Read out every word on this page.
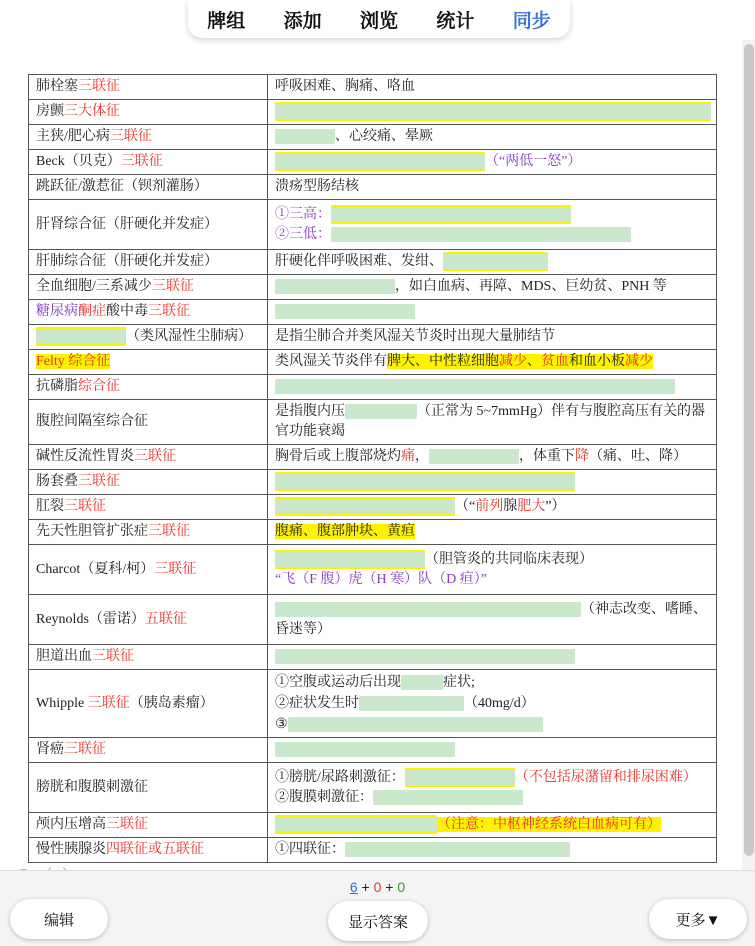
牌组	添加	浏览	统计	同步
肺栓塞三联征	呼吸困难、胸痛、咯血
房颤三大体征	
主狭/肥心病三联征	、心绞痛、晕厥
Beck（贝克）三联征	（“两低一怒”）
跳跃征/激惹征（钡剂灌肠）	溃疡型肠结核
肝肾综合征（肝硬化并发症）	①三高：
②三低：

肝肺综合征（肝硬化并发症）	肝硬化伴呼吸困难、发绀、
全血细胞/三系减少三联征	，如白血病、再障、MDS、巨幼贫、PNH 等
糖尿病酮症酸中毒三联征	
（类风湿性尘肺病）	是指尘肺合并类风湿关节炎时出现大量肺结节
Felty 综合征	类风湿关节炎伴有脾大、中性粒细胞减少、贫血和血小板减少
抗磷脂综合征	
腹腔间隔室综合征	是指腹内压 （正常为 5~7mmHg）伴有与腹腔高压有关的器官功能衰竭
碱性反流性胃炎三联征	胸骨后或上腹部烧灼痛， ，体重下降（痛、吐、降）
肠套叠三联征	
肛裂三联征	（“前列腺肥大”）
先天性胆管扩张症三联征	腹痛、腹部肿块、黄疸
Charcot（夏科/柯）三联征	（胆管炎的共同临床表现）
“飞（F 腹）虎（H 寒）队（D 疸）”

Reynolds（雷诺）五联征	（神志改变、嗜睡、
昏迷等）

胆道出血三联征	
Whipple 三联征（胰岛素瘤）	①空腹或运动后出现 症状;
②症状发生时 （40mg/d）
③

肾癌三联征	
膀胱和腹膜刺激征	①膀胱/尿路刺激征： （不包括尿潴留和排尿困难）
②腹膜刺激征：

颅内压增高三联征	（注意：中枢神经系统白血病可有）
慢性胰腺炎四联征或五联征	①四联征：
6 + 0 + 0
编辑	显示答案	更多▼
